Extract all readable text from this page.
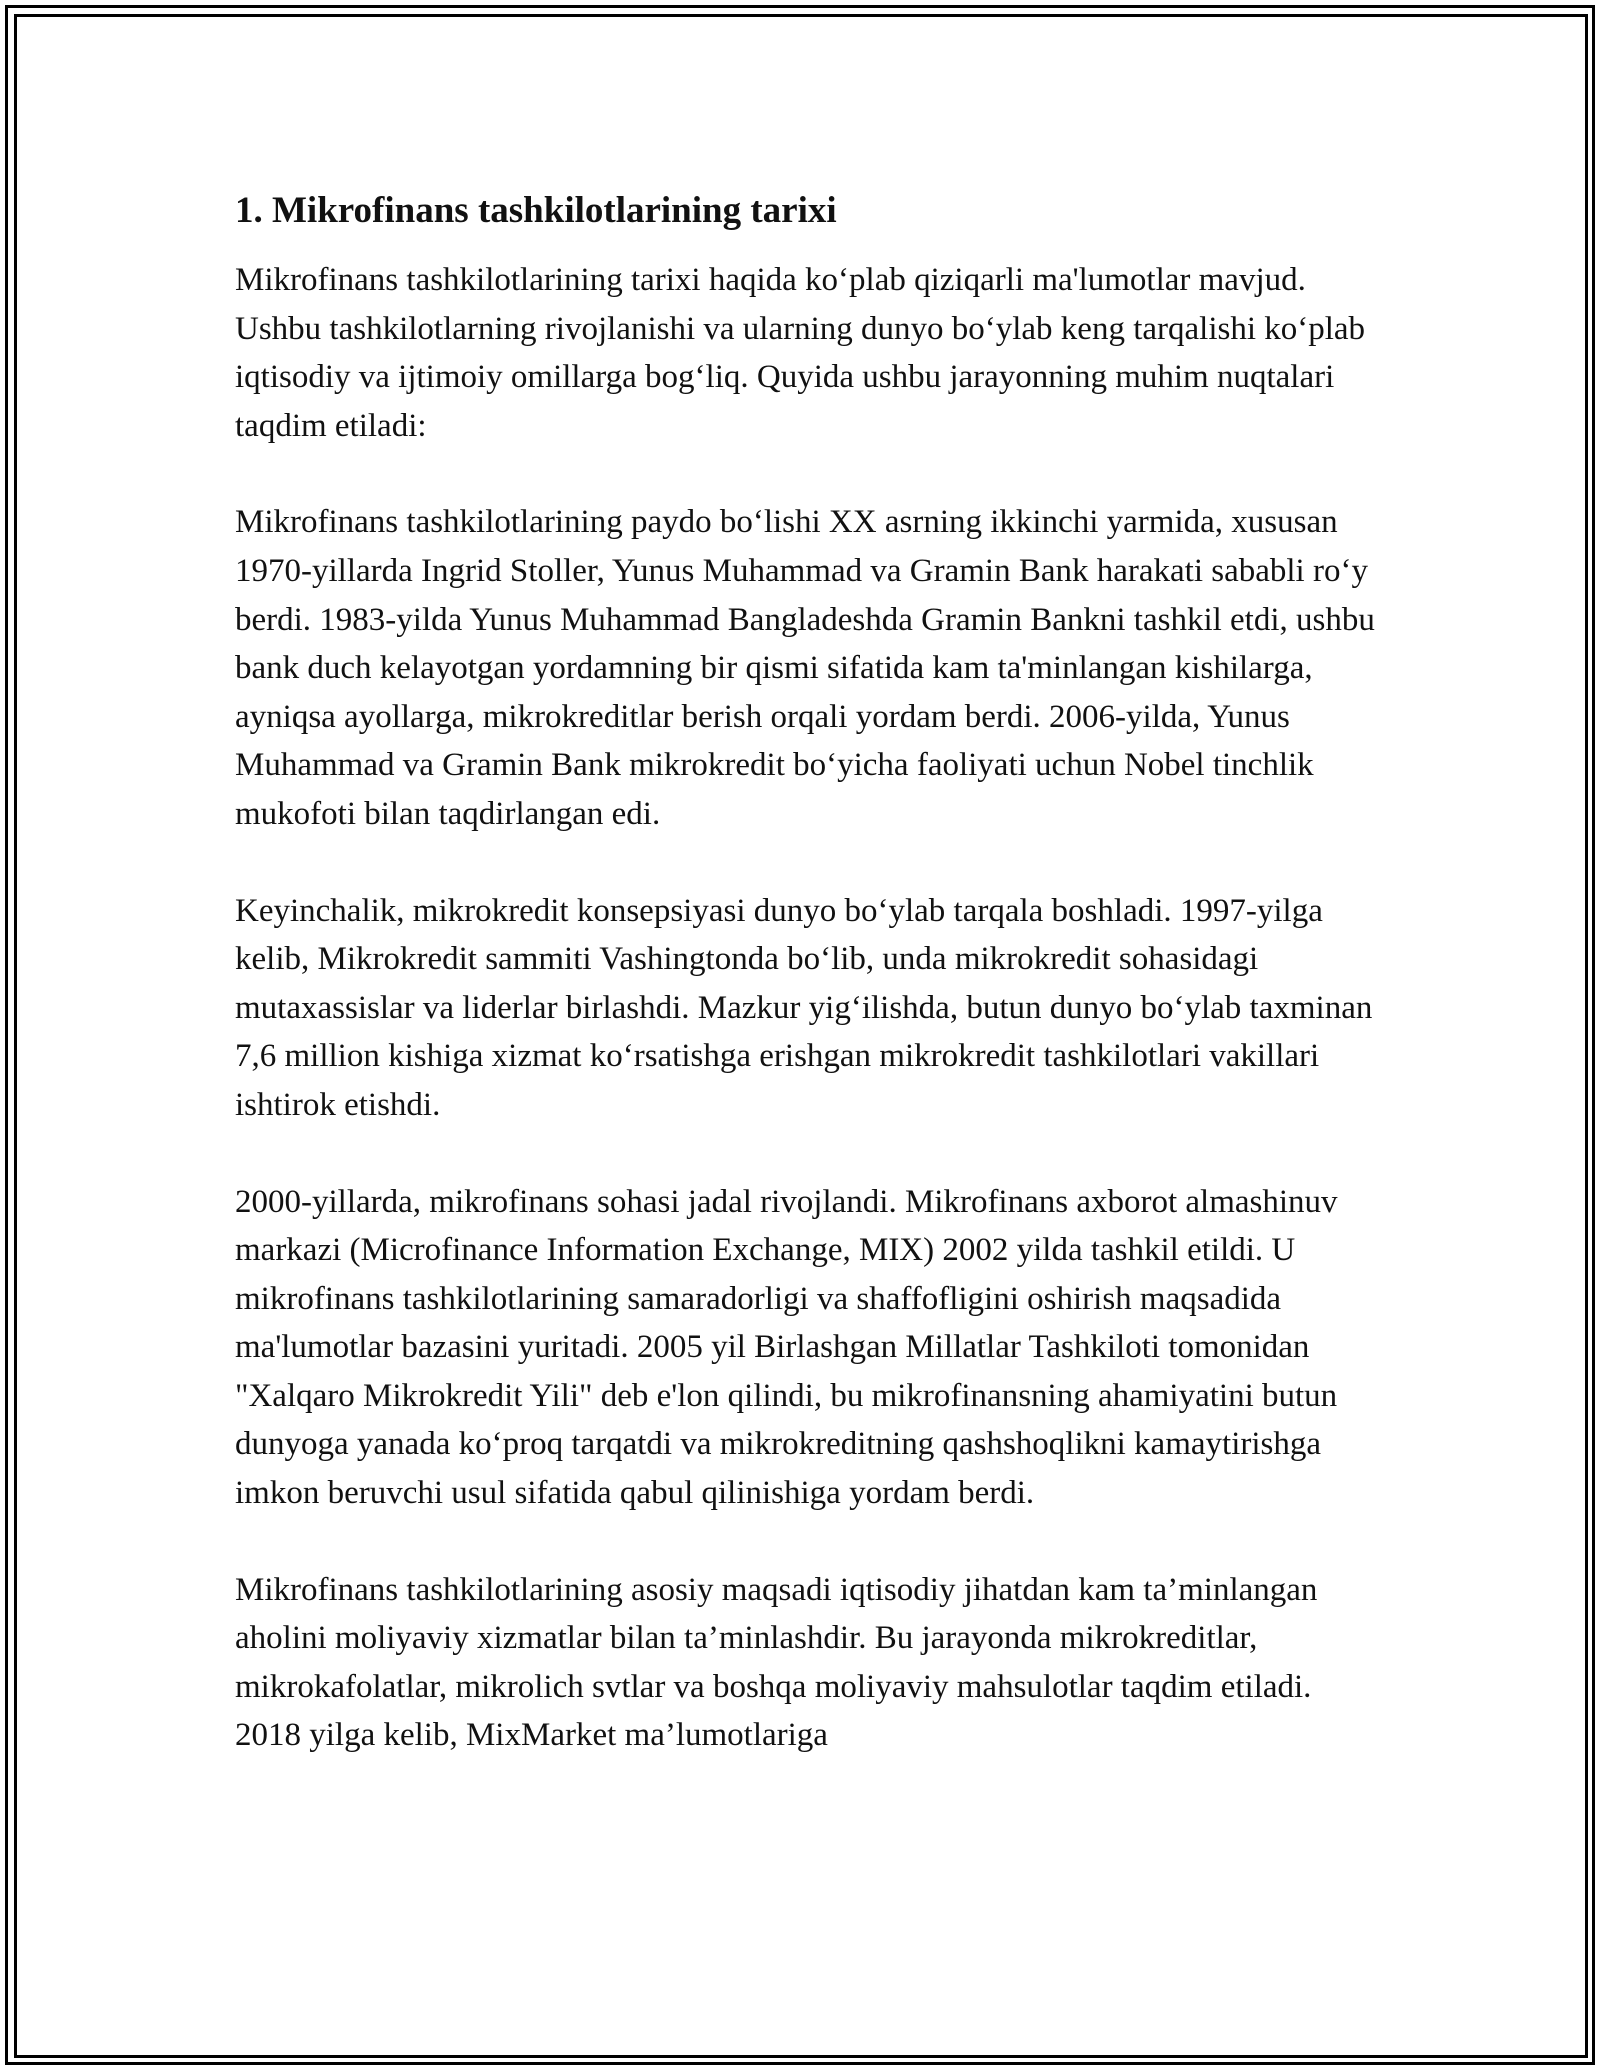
1. Mikrofinans tashkilotlarining tarixi

Mikrofinans tashkilotlarining tarixi haqida ko‘plab qiziqarli ma'lumotlar mavjud. Ushbu tashkilotlarning rivojlanishi va ularning dunyo bo‘ylab keng tarqalishi ko‘plab iqtisodiy va ijtimoiy omillarga bog‘liq. Quyida ushbu jarayonning muhim nuqtalari taqdim etiladi:

Mikrofinans tashkilotlarining paydo bo‘lishi XX asrning ikkinchi yarmida, xususan 1970-yillarda Ingrid Stoller, Yunus Muhammad va Gramin Bank harakati sababli ro‘y berdi. 1983-yilda Yunus Muhammad Bangladeshda Gramin Bankni tashkil etdi, ushbu bank duch kelayotgan yordamning bir qismi sifatida kam ta'minlangan kishilarga, ayniqsa ayollarga, mikrokreditlar berish orqali yordam berdi. 2006-yilda, Yunus Muhammad va Gramin Bank mikrokredit bo‘yicha faoliyati uchun Nobel tinchlik mukofoti bilan taqdirlangan edi.

Keyinchalik, mikrokredit konsepsiyasi dunyo bo‘ylab tarqala boshladi. 1997-yilga kelib, Mikrokredit sammiti Vashingtonda bo‘lib, unda mikrokredit sohasidagi mutaxassislar va liderlar birlashdi. Mazkur yig‘ilishda, butun dunyo bo‘ylab taxminan 7,6 million kishiga xizmat ko‘rsatishga erishgan mikrokredit tashkilotlari vakillari ishtirok etishdi.

2000-yillarda, mikrofinans sohasi jadal rivojlandi. Mikrofinans axborot almashinuv markazi (Microfinance Information Exchange, MIX) 2002 yilda tashkil etildi. U mikrofinans tashkilotlarining samaradorligi va shaffofligini oshirish maqsadida ma'lumotlar bazasini yuritadi. 2005 yil Birlashgan Millatlar Tashkiloti tomonidan "Xalqaro Mikrokredit Yili" deb e'lon qilindi, bu mikrofinansning ahamiyatini butun dunyoga yanada ko‘proq tarqatdi va mikrokreditning qashshoqlikni kamaytirishga imkon beruvchi usul sifatida qabul qilinishiga yordam berdi.

Mikrofinans tashkilotlarining asosiy maqsadi iqtisodiy jihatdan kam ta’minlangan aholini moliyaviy xizmatlar bilan ta’minlashdir. Bu jarayonda mikrokreditlar, mikrokafolatlar, mikrolich svtlar va boshqa moliyaviy mahsulotlar taqdim etiladi. 2018 yilga kelib, MixMarket ma’lumotlariga
